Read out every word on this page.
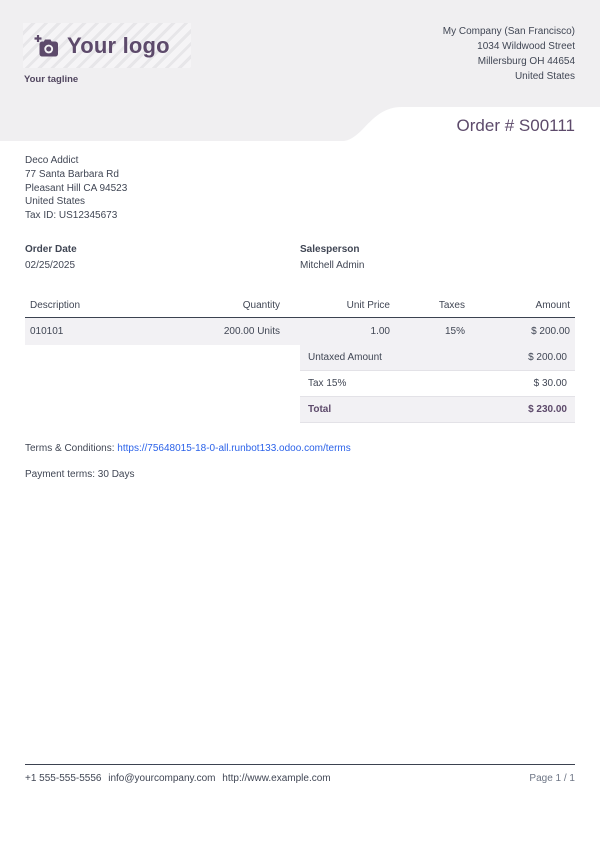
Your logo
Your tagline
My Company (San Francisco)
1034 Wildwood Street
Millersburg OH 44654
United States
Order # S00111
Deco Addict
77 Santa Barbara Rd
Pleasant Hill CA 94523
United States
Tax ID: US12345673
Order Date
02/25/2025
Salesperson
Mitchell Admin
Description	Quantity	Unit Price	Taxes	Amount
010101	200.00 Units	1.00	15%	$ 200.00
Untaxed Amount	$ 200.00
Tax 15%	$ 30.00
Total	$ 230.00
Terms & Conditions: https://75648015-18-0-all.runbot133.odoo.com/terms
Payment terms: 30 Days
+1 555-555-5556 info@yourcompany.com http://www.example.com	Page 1 / 1
